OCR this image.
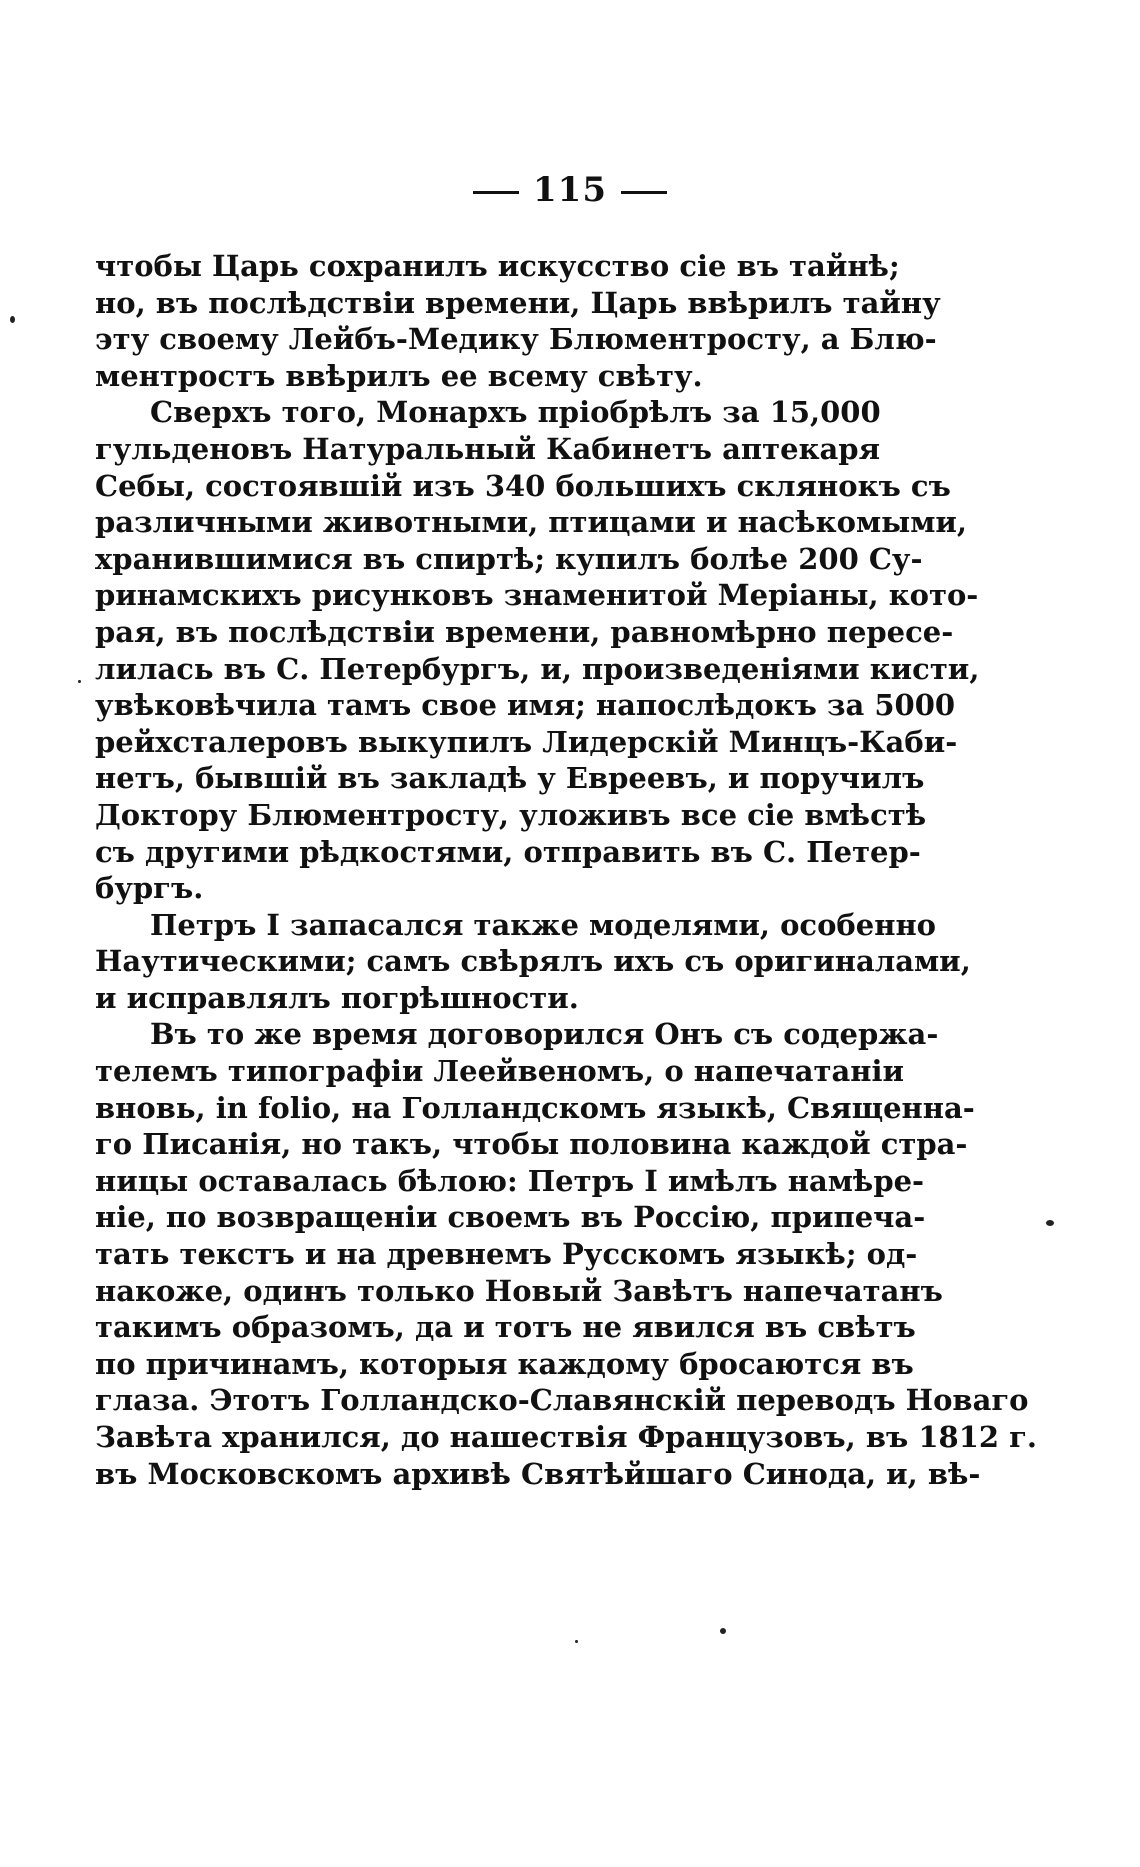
115
чтобы Царь сохранилъ искусство сіе въ тайнѣ;
но, въ послѣдствіи времени, Царь ввѣрилъ тайну
эту своему Лейбъ-Медику Блюментросту, а Блю-
ментростъ ввѣрилъ ее всему свѣту.
Сверхъ того, Монархъ пріобрѣлъ за 15,000
гульденовъ Натуральный Кабинетъ аптекаря
Себы, состоявшій изъ 340 большихъ склянокъ съ
различными животными, птицами и насѣкомыми,
хранившимися въ спиртѣ; купилъ болѣе 200 Су-
ринамскихъ рисунковъ знаменитой Меріаны, кото-
рая, въ послѣдствіи времени, равномѣрно пересе-
лилась въ С. Петербургъ, и, произведеніями кисти,
увѣковѣчила тамъ свое имя; напослѣдокъ за 5000
рейхсталеровъ выкупилъ Лидерскій Минцъ-Каби-
нетъ, бывшій въ закладѣ у Евреевъ, и поручилъ
Доктору Блюментросту, уложивъ все сіе вмѣстѣ
съ другими рѣдкостями, отправить въ С. Петер-
бургъ.
Петръ I запасался также моделями, особенно
Наутическими; самъ свѣрялъ ихъ съ оригиналами,
и исправлялъ погрѣшности.
Въ то же время договорился Онъ съ содержа-
телемъ типографіи Леейвеномъ, о напечатаніи
вновь, in folio, на Голландскомъ языкѣ, Священна-
го Писанія, но такъ, чтобы половина каждой стра-
ницы оставалась бѣлою: Петръ I имѣлъ намѣре-
ніе, по возвращеніи своемъ въ Россію, припеча-
тать текстъ и на древнемъ Русскомъ языкѣ; од-
накоже, одинъ только Новый Завѣтъ напечатанъ
такимъ образомъ, да и тотъ не явился въ свѣтъ
по причинамъ, которыя каждому бросаются въ
глаза. Этотъ Голландско-Славянскій переводъ Новаго
Завѣта хранился, до нашествія Французовъ, въ 1812 г.
въ Московскомъ архивѣ Святѣйшаго Синода, и, вѣ-
